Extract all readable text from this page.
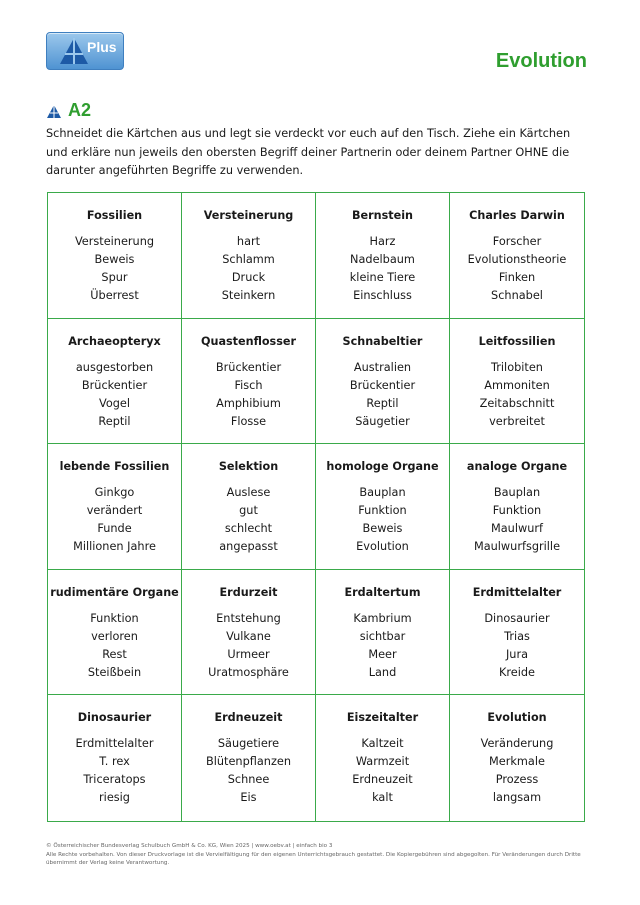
Plus
Evolution
A2
Schneidet die Kärtchen aus und legt sie verdeckt vor euch auf den Tisch. Ziehe ein Kärtchen und erkläre nun jeweils den obersten Begriff deiner Partnerin oder deinem Partner OHNE die darunter angeführten Begriffe zu verwenden.
Fossilien
Versteinerung
Beweis
Spur
Überrest
Versteinerung
hart
Schlamm
Druck
Steinkern
Bernstein
Harz
Nadelbaum
kleine Tiere
Einschluss
Charles Darwin
Forscher
Evolutionstheorie
Finken
Schnabel
Archaeopteryx
ausgestorben
Brückentier
Vogel
Reptil
Quastenflosser
Brückentier
Fisch
Amphibium
Flosse
Schnabeltier
Australien
Brückentier
Reptil
Säugetier
Leitfossilien
Trilobiten
Ammoniten
Zeitabschnitt
verbreitet
lebende Fossilien
Ginkgo
verändert
Funde
Millionen Jahre
Selektion
Auslese
gut
schlecht
angepasst
homologe Organe
Bauplan
Funktion
Beweis
Evolution
analoge Organe
Bauplan
Funktion
Maulwurf
Maulwurfsgrille
rudimentäre Organe
Funktion
verloren
Rest
Steißbein
Erdurzeit
Entstehung
Vulkane
Urmeer
Uratmosphäre
Erdaltertum
Kambrium
sichtbar
Meer
Land
Erdmittelalter
Dinosaurier
Trias
Jura
Kreide
Dinosaurier
Erdmittelalter
T. rex
Triceratops
riesig
Erdneuzeit
Säugetiere
Blütenpflanzen
Schnee
Eis
Eiszeitalter
Kaltzeit
Warmzeit
Erdneuzeit
kalt
Evolution
Veränderung
Merkmale
Prozess
langsam
© Österreichischer Bundesverlag Schulbuch GmbH & Co. KG, Wien 2025 | www.oebv.at | einfach bio 3
Alle Rechte vorbehalten. Von dieser Druckvorlage ist die Vervielfältigung für den eigenen Unterrichtsgebrauch gestattet. Die Kopiergebühren sind abgegolten. Für Veränderungen durch Dritte übernimmt der Verlag keine Verantwortung.
